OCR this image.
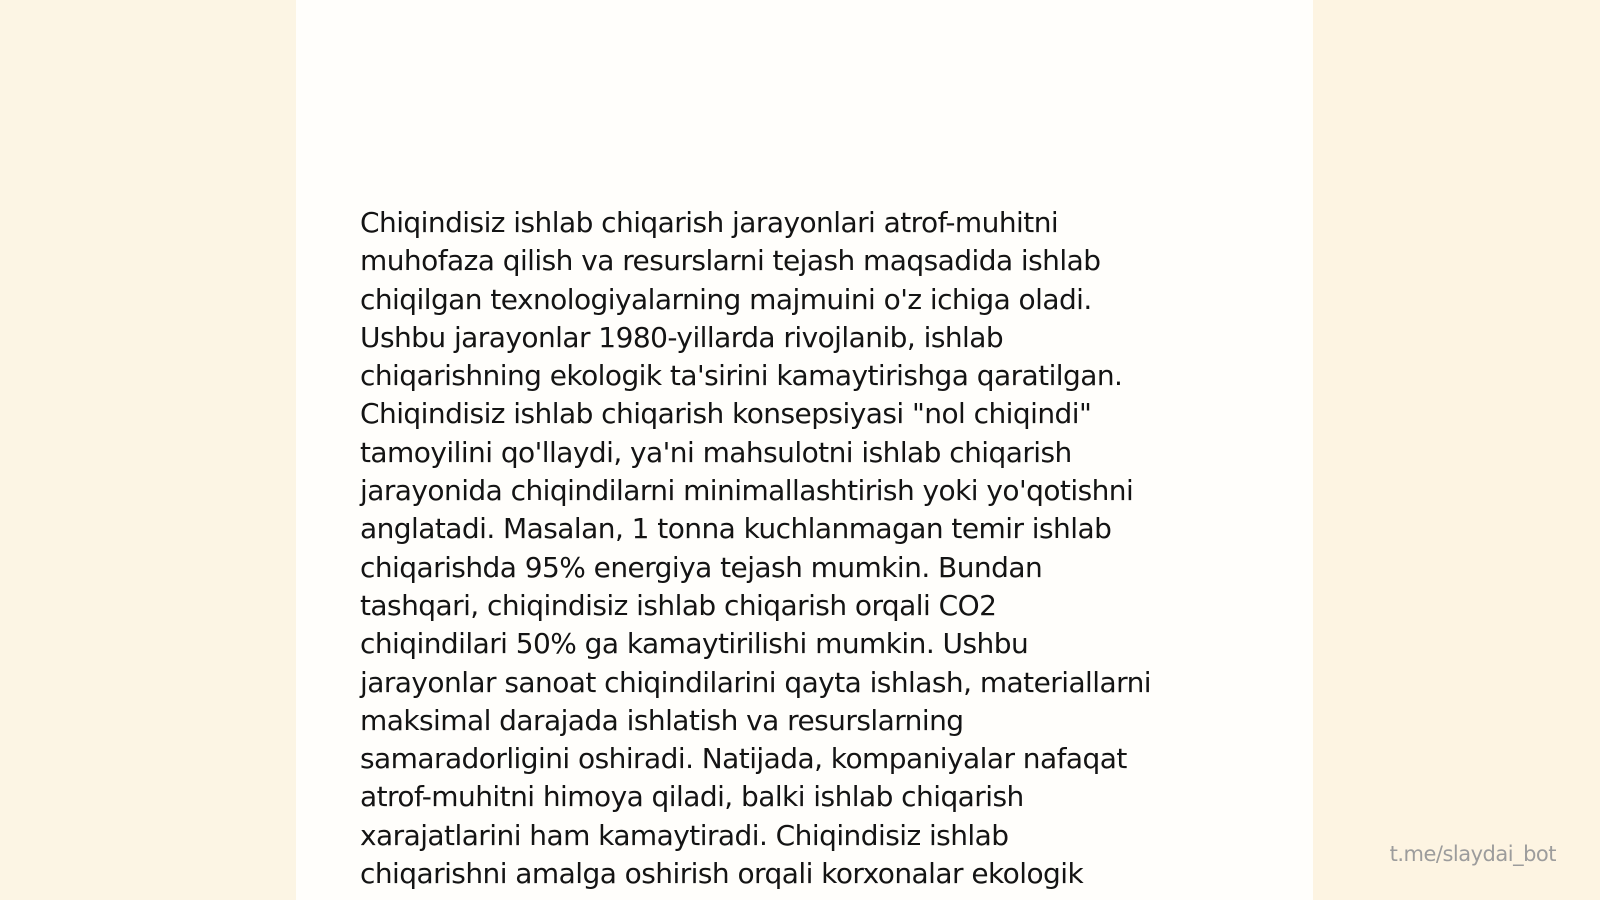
Chiqindisiz ishlab chiqarish jarayonlari atrof-muhitni
muhofaza qilish va resurslarni tejash maqsadida ishlab
chiqilgan texnologiyalarning majmuini o'z ichiga oladi.
Ushbu jarayonlar 1980-yillarda rivojlanib, ishlab
chiqarishning ekologik ta'sirini kamaytirishga qaratilgan.
Chiqindisiz ishlab chiqarish konsepsiyasi "nol chiqindi"
tamoyilini qo'llaydi, ya'ni mahsulotni ishlab chiqarish
jarayonida chiqindilarni minimallashtirish yoki yo'qotishni
anglatadi. Masalan, 1 tonna kuchlanmagan temir ishlab
chiqarishda 95% energiya tejash mumkin. Bundan
tashqari, chiqindisiz ishlab chiqarish orqali CO2
chiqindilari 50% ga kamaytirilishi mumkin. Ushbu
jarayonlar sanoat chiqindilarini qayta ishlash, materiallarni
maksimal darajada ishlatish va resurslarning
samaradorligini oshiradi. Natijada, kompaniyalar nafaqat
atrof-muhitni himoya qiladi, balki ishlab chiqarish
xarajatlarini ham kamaytiradi. Chiqindisiz ishlab
chiqarishni amalga oshirish orqali korxonalar ekologik
t.me/slaydai_bot
